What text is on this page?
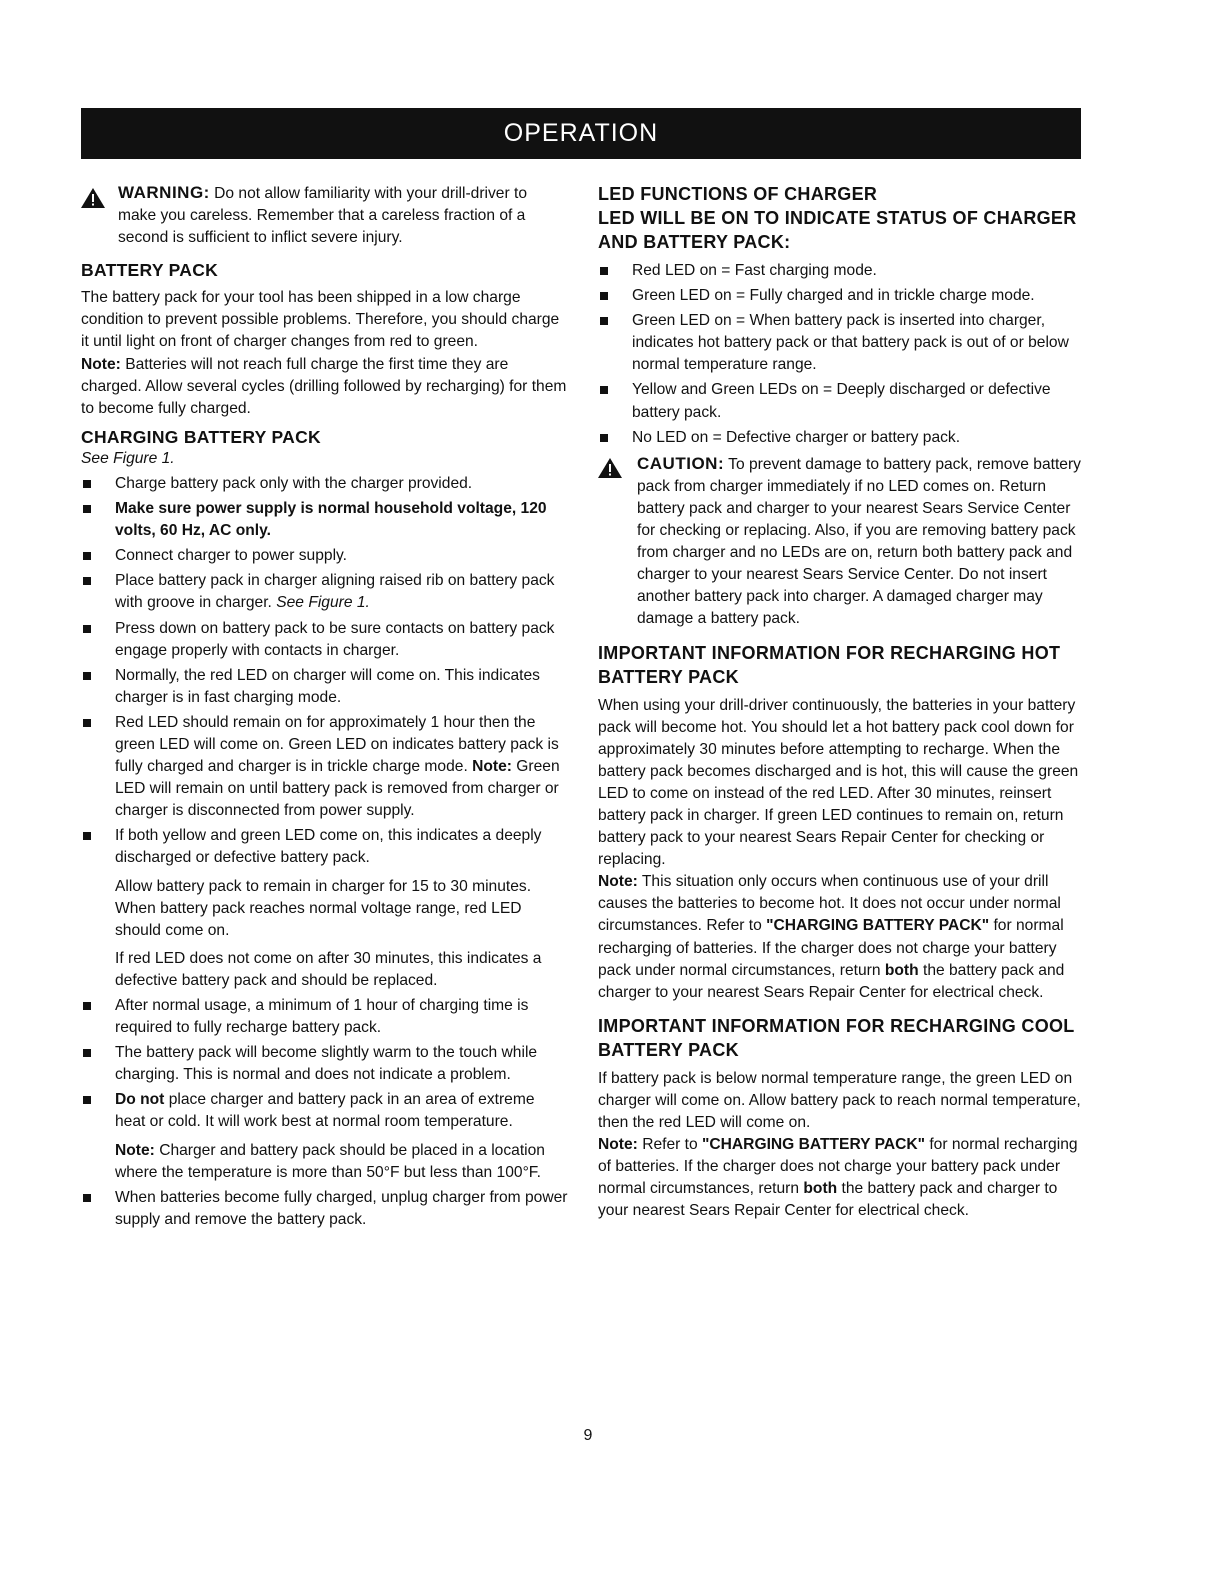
OPERATION

WARNING: Do not allow familiarity with your drill-driver to make you careless. Remember that a careless fraction of a second is sufficient to inflict severe injury.

BATTERY PACK

The battery pack for your tool has been shipped in a low charge condition to prevent possible problems. Therefore, you should charge it until light on front of charger changes from red to green.

Note: Batteries will not reach full charge the first time they are charged. Allow several cycles (drilling followed by recharging) for them to become fully charged.

CHARGING BATTERY PACK

See Figure 1.

Charge battery pack only with the charger provided.
Make sure power supply is normal household voltage, 120 volts, 60 Hz, AC only.
Connect charger to power supply.
Place battery pack in charger aligning raised rib on battery pack with groove in charger. See Figure 1.
Press down on battery pack to be sure contacts on battery pack engage properly with contacts in charger.
Normally, the red LED on charger will come on. This indicates charger is in fast charging mode.
Red LED should remain on for approximately 1 hour then the green LED will come on. Green LED on indicates battery pack is fully charged and charger is in trickle charge mode. Note: Green LED will remain on until battery pack is removed from charger or charger is disconnected from power supply.
If both yellow and green LED come on, this indicates a deeply discharged or defective battery pack.

Allow battery pack to remain in charger for 15 to 30 minutes. When battery pack reaches normal voltage range, red LED should come on.

If red LED does not come on after 30 minutes, this indicates a defective battery pack and should be replaced.

After normal usage, a minimum of 1 hour of charging time is required to fully recharge battery pack.
The battery pack will become slightly warm to the touch while charging. This is normal and does not indicate a problem.
Do not place charger and battery pack in an area of extreme heat or cold. It will work best at normal room temperature.

Note: Charger and battery pack should be placed in a location where the temperature is more than 50°F but less than 100°F.

When batteries become fully charged, unplug charger from power supply and remove the battery pack.
LED FUNCTIONS OF CHARGER
LED WILL BE ON TO INDICATE STATUS OF CHARGER AND BATTERY PACK:
Red LED on = Fast charging mode.
Green LED on = Fully charged and in trickle charge mode.
Green LED on = When battery pack is inserted into charger, indicates hot battery pack or that battery pack is out of or below normal temperature range.
Yellow and Green LEDs on = Deeply discharged or defective battery pack.
No LED on = Defective charger or battery pack.

CAUTION: To prevent damage to battery pack, remove battery pack from charger immediately if no LED comes on. Return battery pack and charger to your nearest Sears Service Center for checking or replacing. Also, if you are removing battery pack from charger and no LEDs are on, return both battery pack and charger to your nearest Sears Service Center. Do not insert another battery pack into charger. A damaged charger may damage a battery pack.

IMPORTANT INFORMATION FOR RECHARGING HOT BATTERY PACK

When using your drill-driver continuously, the batteries in your battery pack will become hot. You should let a hot battery pack cool down for approximately 30 minutes before attempting to recharge. When the battery pack becomes discharged and is hot, this will cause the green LED to come on instead of the red LED. After 30 minutes, reinsert battery pack in charger. If green LED continues to remain on, return battery pack to your nearest Sears Repair Center for checking or replacing.

Note: This situation only occurs when continuous use of your drill causes the batteries to become hot. It does not occur under normal circumstances. Refer to "CHARGING BATTERY PACK" for normal recharging of batteries. If the charger does not charge your battery pack under normal circumstances, return both the battery pack and charger to your nearest Sears Repair Center for electrical check.

IMPORTANT INFORMATION FOR RECHARGING COOL BATTERY PACK

If battery pack is below normal temperature range, the green LED on charger will come on. Allow battery pack to reach normal temperature, then the red LED will come on.

Note: Refer to "CHARGING BATTERY PACK" for normal recharging of batteries. If the charger does not charge your battery pack under normal circumstances, return both the battery pack and charger to your nearest Sears Repair Center for electrical check.

9
